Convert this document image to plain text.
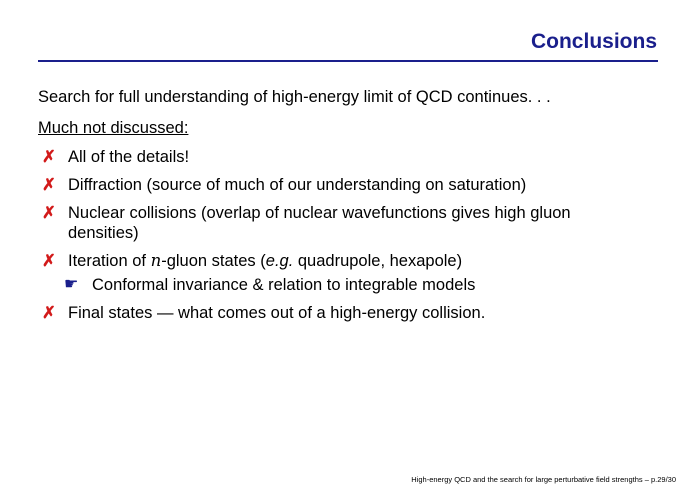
Conclusions
Search for full understanding of high-energy limit of QCD continues. . .
Much not discussed:
✗ All of the details!
✗ Diffraction (source of much of our understanding on saturation)
✗ Nuclear collisions (overlap of nuclear wavefunctions gives high gluon
densities)
✗ Iteration of n-gluon states (e.g. quadrupole, hexapole)
☛ Conformal invariance & relation to integrable models
✗ Final states — what comes out of a high-energy collision.
High-energy QCD and the search for large perturbative field strengths – p.29/30
